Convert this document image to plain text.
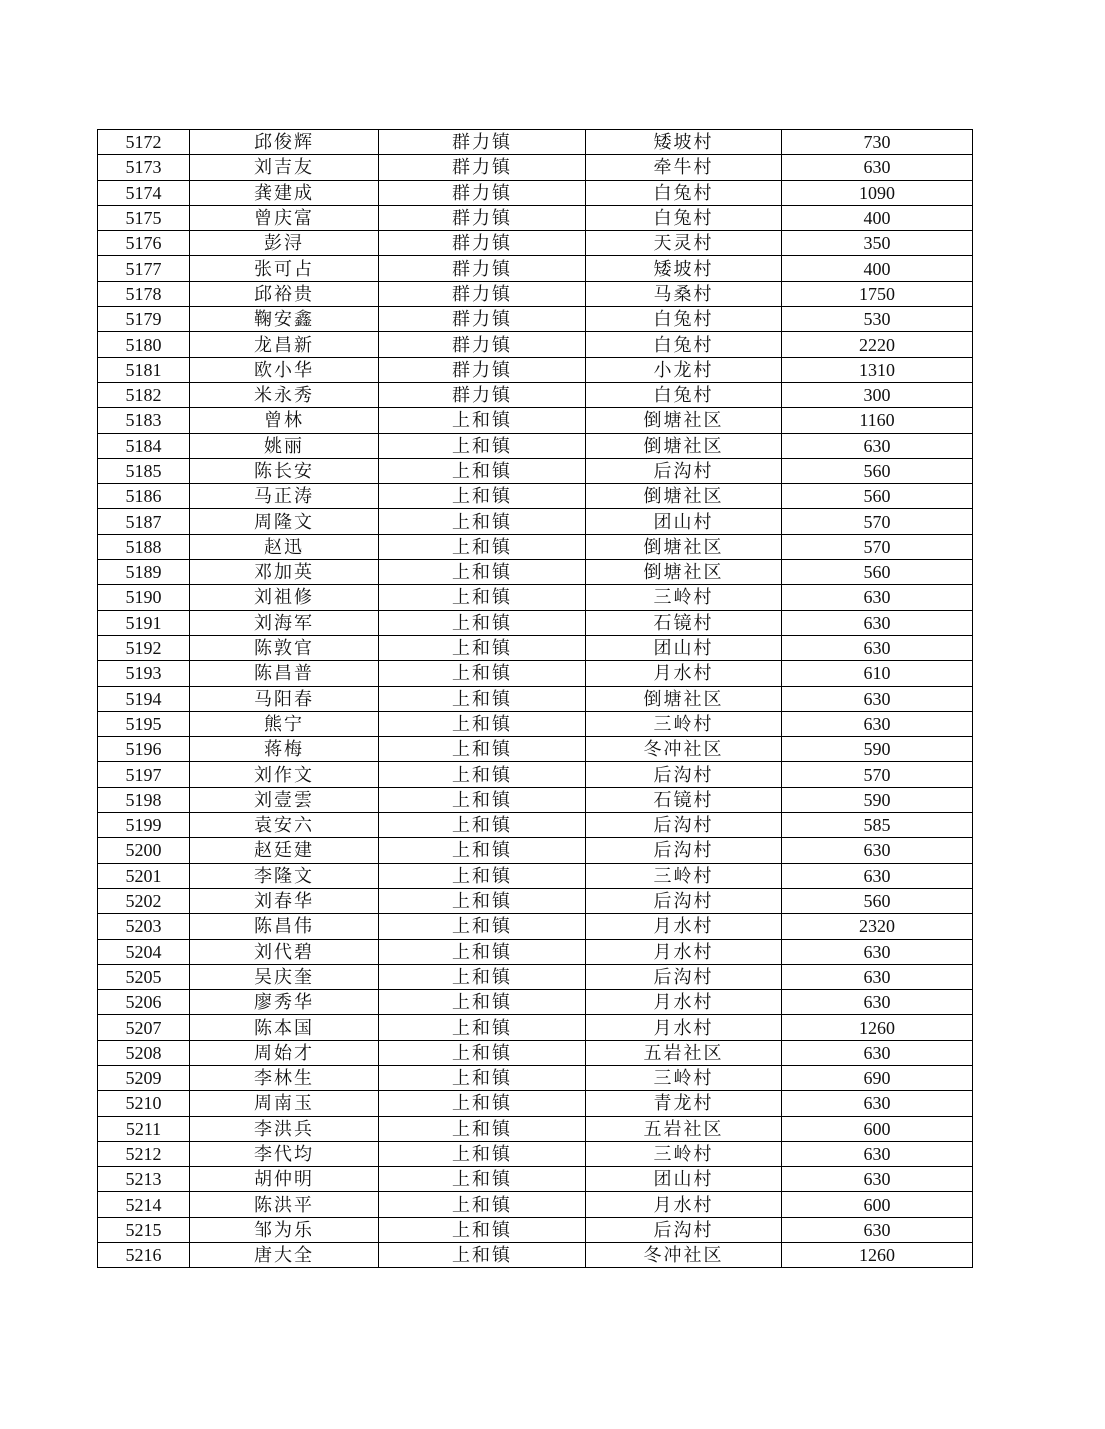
5172	邱俊辉	群力镇	矮坡村	730
5173	刘吉友	群力镇	牵牛村	630
5174	龚建成	群力镇	白兔村	1090
5175	曾庆富	群力镇	白兔村	400
5176	彭浔	群力镇	天灵村	350
5177	张可占	群力镇	矮坡村	400
5178	邱裕贵	群力镇	马桑村	1750
5179	鞠安鑫	群力镇	白兔村	530
5180	龙昌新	群力镇	白兔村	2220
5181	欧小华	群力镇	小龙村	1310
5182	米永秀	群力镇	白兔村	300
5183	曾林	上和镇	倒塘社区	1160
5184	姚丽	上和镇	倒塘社区	630
5185	陈长安	上和镇	后沟村	560
5186	马正涛	上和镇	倒塘社区	560
5187	周隆文	上和镇	团山村	570
5188	赵迅	上和镇	倒塘社区	570
5189	邓加英	上和镇	倒塘社区	560
5190	刘祖修	上和镇	三岭村	630
5191	刘海军	上和镇	石镜村	630
5192	陈敦官	上和镇	团山村	630
5193	陈昌普	上和镇	月水村	610
5194	马阳春	上和镇	倒塘社区	630
5195	熊宁	上和镇	三岭村	630
5196	蒋梅	上和镇	冬冲社区	590
5197	刘作文	上和镇	后沟村	570
5198	刘壹雲	上和镇	石镜村	590
5199	袁安六	上和镇	后沟村	585
5200	赵廷建	上和镇	后沟村	630
5201	李隆文	上和镇	三岭村	630
5202	刘春华	上和镇	后沟村	560
5203	陈昌伟	上和镇	月水村	2320
5204	刘代碧	上和镇	月水村	630
5205	吴庆奎	上和镇	后沟村	630
5206	廖秀华	上和镇	月水村	630
5207	陈本国	上和镇	月水村	1260
5208	周始才	上和镇	五岩社区	630
5209	李林生	上和镇	三岭村	690
5210	周南玉	上和镇	青龙村	630
5211	李洪兵	上和镇	五岩社区	600
5212	李代均	上和镇	三岭村	630
5213	胡仲明	上和镇	团山村	630
5214	陈洪平	上和镇	月水村	600
5215	邹为乐	上和镇	后沟村	630
5216	唐大全	上和镇	冬冲社区	1260
